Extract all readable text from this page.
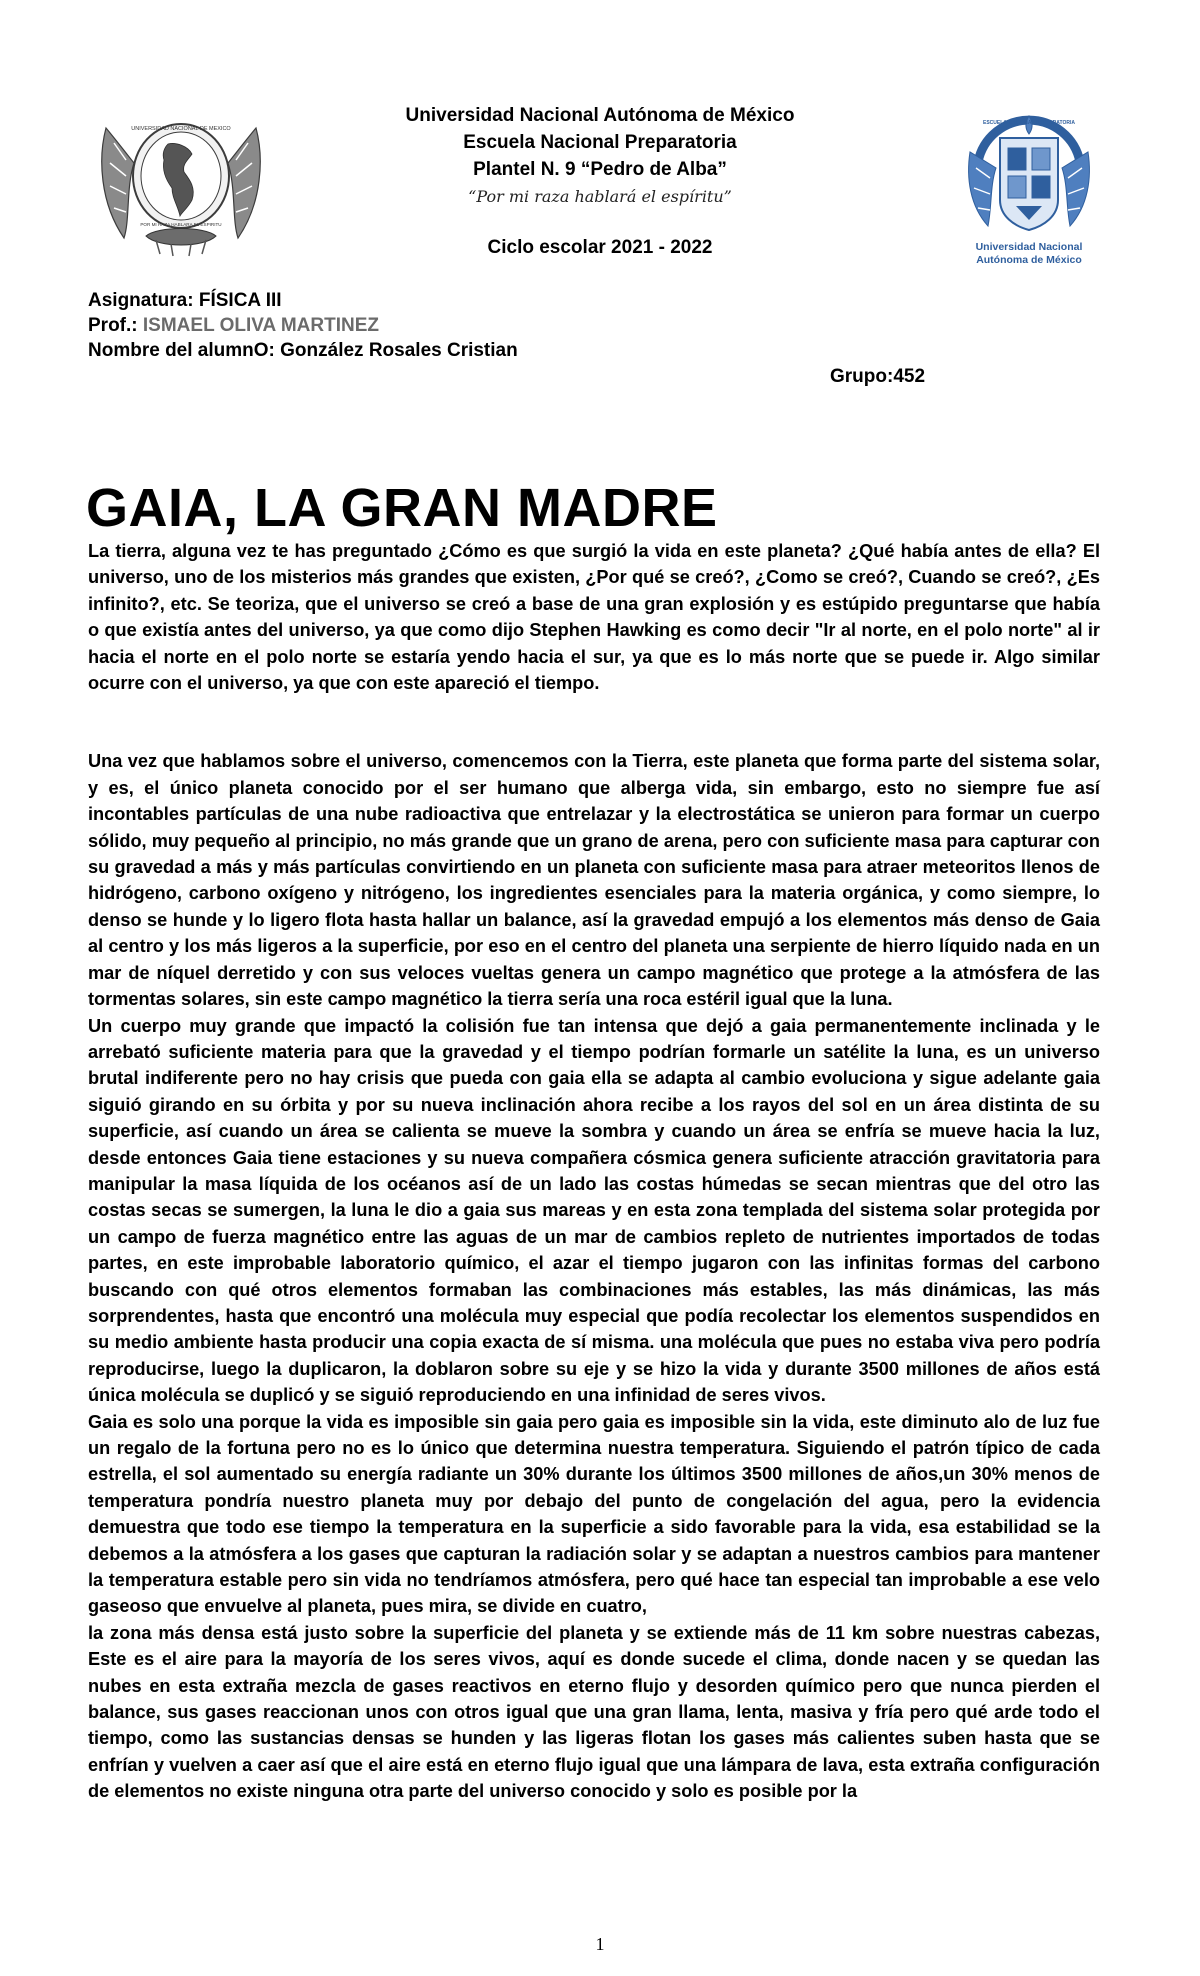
UNIVERSIDAD NACIONAL DE MEXICO
POR MI RAZA HABLARA EL ESPIRITU
Universidad Nacional Autónoma de México
Escuela Nacional Preparatoria
Plantel N. 9 “Pedro de Alba”
“Por mi raza hablará el espíritu”
Ciclo escolar 2021 - 2022
ESCUELA NACIONAL PREPARATORIA
Universidad Nacional
Autónoma de México
Asignatura: FÍSICA III
Prof.: ISMAEL OLIVA MARTINEZ
Nombre del alumnO: González Rosales Cristian
Grupo:452
GAIA, LA GRAN MADRE

La tierra, alguna vez te has preguntado ¿Cómo es que surgió la vida en este planeta? ¿Qué había antes de ella? El universo, uno de los misterios más grandes que existen, ¿Por qué se creó?, ¿Como se creó?, Cuando se creó?, ¿Es infinito?, etc. Se teoriza, que el universo se creó a base de una gran explosión y es estúpido preguntarse que había o que existía antes del universo, ya que como dijo Stephen Hawking es como decir "Ir al norte, en el polo norte" al ir hacia el norte en el polo norte se estaría yendo hacia el sur, ya que es lo más norte que se puede ir. Algo similar ocurre con el universo, ya que con este apareció el tiempo.

Una vez que hablamos sobre el universo, comencemos con la Tierra, este planeta que forma parte del sistema solar, y es, el único planeta conocido por el ser humano que alberga vida, sin embargo, esto no siempre fue así incontables partículas de una nube radioactiva que entrelazar y la electrostática se unieron para formar un cuerpo sólido, muy pequeño al principio, no más grande que un grano de arena, pero con suficiente masa para capturar con su gravedad a más y más partículas convirtiendo en un planeta con suficiente masa para atraer meteoritos llenos de hidrógeno, carbono oxígeno y nitrógeno, los ingredientes esenciales para la materia orgánica, y como siempre, lo denso se hunde y lo ligero flota hasta hallar un balance, así la gravedad empujó a los elementos más denso de Gaia al centro y los más ligeros a la superficie, por eso en el centro del planeta una serpiente de hierro líquido nada en un mar de níquel derretido y con sus veloces vueltas genera un campo magnético que protege a la atmósfera de las tormentas solares, sin este campo magnético la tierra sería una roca estéril igual que la luna.

Un cuerpo muy grande que impactó la colisión fue tan intensa que dejó a gaia permanentemente inclinada y le arrebató suficiente materia para que la gravedad y el tiempo podrían formarle un satélite la luna, es un universo brutal indiferente pero no hay crisis que pueda con gaia ella se adapta al cambio evoluciona y sigue adelante gaia siguió girando en su órbita y por su nueva inclinación ahora recibe a los rayos del sol en un área distinta de su superficie, así cuando un área se calienta se mueve la sombra y cuando un área se enfría se mueve hacia la luz, desde entonces Gaia tiene estaciones y su nueva compañera cósmica genera suficiente atracción gravitatoria para manipular la masa líquida de los océanos así de un lado las costas húmedas se secan mientras que del otro las costas secas se sumergen, la luna le dio a gaia sus mareas y en esta zona templada del sistema solar protegida por un campo de fuerza magnético entre las aguas de un mar de cambios repleto de nutrientes importados de todas partes, en este improbable laboratorio químico, el azar el tiempo jugaron con las infinitas formas del carbono buscando con qué otros elementos formaban las combinaciones más estables, las más dinámicas, las más sorprendentes, hasta que encontró una molécula muy especial que podía recolectar los elementos suspendidos en su medio ambiente hasta producir una copia exacta de sí misma. una molécula que pues no estaba viva pero podría reproducirse, luego la duplicaron, la doblaron sobre su eje y se hizo la vida y durante 3500 millones de años está única molécula se duplicó y se siguió reproduciendo en una infinidad de seres vivos.

Gaia es solo una porque la vida es imposible sin gaia pero gaia es imposible sin la vida, este diminuto alo de luz fue un regalo de la fortuna pero no es lo único que determina nuestra temperatura. Siguiendo el patrón típico de cada estrella, el sol aumentado su energía radiante un 30% durante los últimos 3500 millones de años,un 30% menos de temperatura pondría nuestro planeta muy por debajo del punto de congelación del agua, pero la evidencia demuestra que todo ese tiempo la temperatura en la superficie a sido favorable para la vida, esa estabilidad se la debemos a la atmósfera a los gases que capturan la radiación solar y se adaptan a nuestros cambios para mantener la temperatura estable pero sin vida no tendríamos atmósfera, pero qué hace tan especial tan improbable a ese velo gaseoso que envuelve al planeta, pues mira, se divide en cuatro,

la zona más densa está justo sobre la superficie del planeta y se extiende más de 11 km sobre nuestras cabezas, Este es el aire para la mayoría de los seres vivos, aquí es donde sucede el clima, donde nacen y se quedan las nubes en esta extraña mezcla de gases reactivos en eterno flujo y desorden químico pero que nunca pierden el balance, sus gases reaccionan unos con otros igual que una gran llama, lenta, masiva y fría pero qué arde todo el tiempo, como las sustancias densas se hunden y las ligeras flotan los gases más calientes suben hasta que se enfrían y vuelven a caer así que el aire está en eterno flujo igual que una lámpara de lava, esta extraña configuración de elementos no existe ninguna otra parte del universo conocido y solo es posible por la

1
